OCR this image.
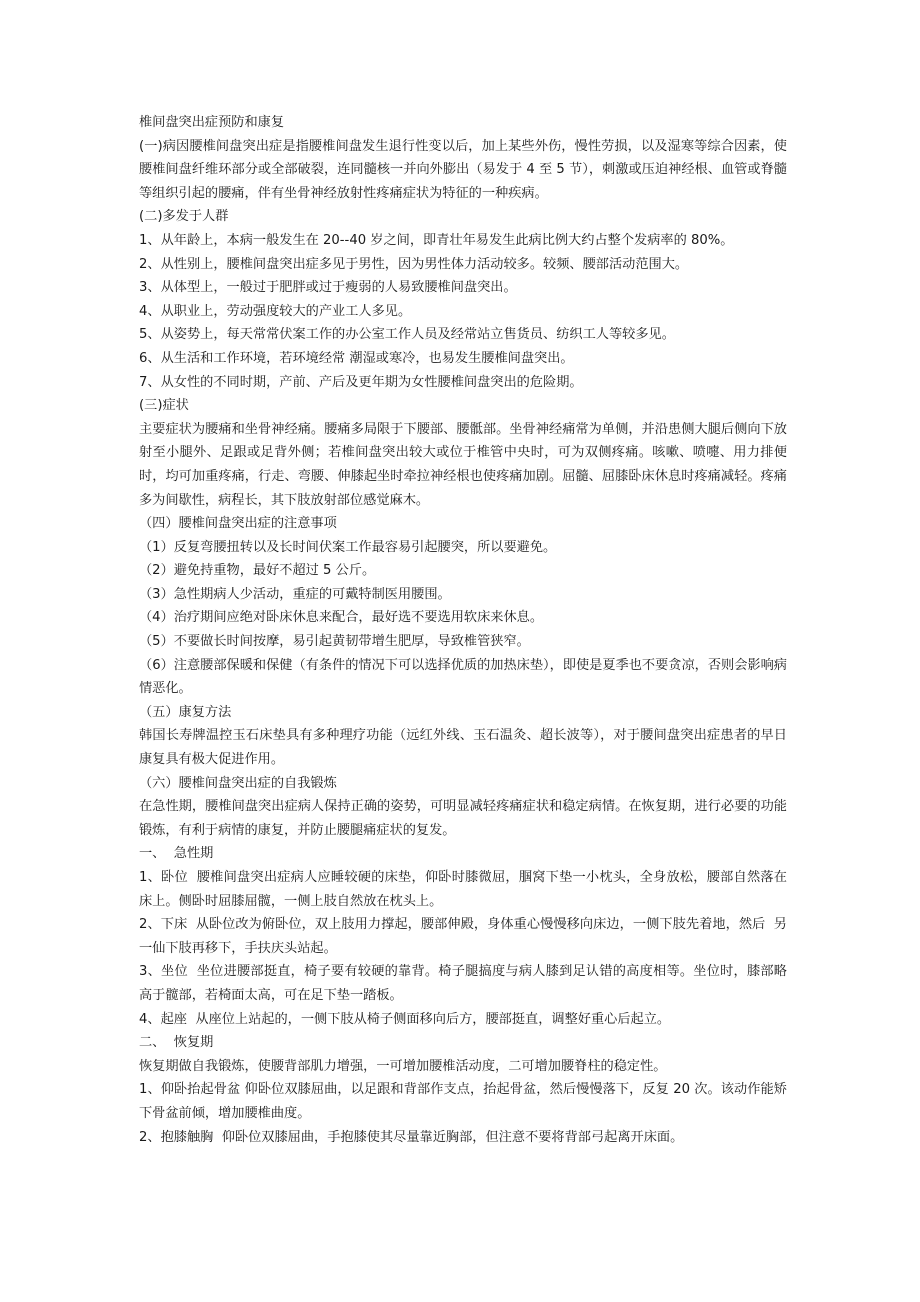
椎间盘突出症预防和康复

(一)病因腰椎间盘突出症是指腰椎间盘发生退行性变以后，加上某些外伤，慢性劳损，以及湿寒等综合因素，使腰椎间盘纤维环部分或全部破裂，连同髓核一并向外膨出（易发于 4 至 5 节），刺激或压迫神经根、血管或脊髓等组织引起的腰痛，伴有坐骨神经放射性疼痛症状为特征的一种疾病。

(二)多发于人群

1、从年龄上，本病一般发生在 20--40 岁之间，即青壮年易发生此病比例大约占整个发病率的 80%。

2、从性别上，腰椎间盘突出症多见于男性，因为男性体力活动较多。较频、腰部活动范围大。

3、从体型上，一般过于肥胖或过于瘦弱的人易致腰椎间盘突出。

4、从职业上，劳动强度较大的产业工人多见。

5、从姿势上，每天常常伏案工作的办公室工作人员及经常站立售货员、纺织工人等较多见。

6、从生活和工作环境，若环境经常 潮湿或寒冷，也易发生腰椎间盘突出。

7、从女性的不同时期，产前、产后及更年期为女性腰椎间盘突出的危险期。

(三)症状

主要症状为腰痛和坐骨神经痛。腰痛多局限于下腰部、腰骶部。坐骨神经痛常为单侧，并沿患侧大腿后侧向下放射至小腿外、足跟或足背外侧；若椎间盘突出较大或位于椎管中央时，可为双侧疼痛。咳嗽、喷嚏、用力排便时，均可加重疼痛，行走、弯腰、伸膝起坐时牵拉神经根也使疼痛加剧。屈髓、屈膝卧床休息时疼痛减轻。疼痛多为间歇性，病程长，其下肢放射部位感觉麻木。

（四）腰椎间盘突出症的注意事项

（1）反复弯腰扭转以及长时间伏案工作最容易引起腰突，所以要避免。

（2）避免持重物，最好不超过 5 公斤。

（3）急性期病人少活动，重症的可戴特制医用腰围。

（4）治疗期间应绝对卧床休息来配合，最好选不要选用软床来休息。

（5）不要做长时间按摩，易引起黄韧带增生肥厚，导致椎管狭窄。

（6）注意腰部保暖和保健（有条件的情况下可以选择优质的加热床垫），即使是夏季也不要贪凉，否则会影响病情恶化。

（五）康复方法

韩国长寿牌温控玉石床垫具有多种理疗功能（远红外线、玉石温灸、超长波等），对于腰间盘突出症患者的早日康复具有极大促进作用。

（六）腰椎间盘突出症的自我锻炼

在急性期，腰椎间盘突出症病人保持正确的姿势，可明显减轻疼痛症状和稳定病情。在恢复期，进行必要的功能锻炼，有利于病情的康复，并防止腰腿痛症状的复发。

一、  急性期

1、卧位  腰椎间盘突出症病人应睡较硬的床垫，仰卧时膝微屈，腘窝下垫一小枕头，全身放松，腰部自然落在床上。侧卧时屈膝屈髋，一侧上肢自然放在枕头上。

2、下床  从卧位改为俯卧位，双上肢用力撑起，腰部伸殿，身体重心慢慢移向床边，一侧下肢先着地，然后  另一仙下肢再移下，手扶庆头站起。

3、坐位  坐位进腰部挺直，椅子要有较硬的靠背。椅子腿搞度与病人膝到足认错的高度相等。坐位时，膝部略高于髋部，若椅面太高，可在足下垫一踏板。

4、起座  从座位上站起的，一侧下肢从椅子侧面移向后方，腰部挺直，调整好重心后起立。

二、  恢复期

恢复期做自我锻炼，使腰背部肌力增强，一可增加腰椎活动度，二可增加腰脊柱的稳定性。

1、仰卧抬起骨盆 仰卧位双膝屈曲，以足跟和背部作支点，抬起骨盆，然后慢慢落下，反复 20 次。该动作能矫下骨盆前倾，增加腰椎曲度。

2、抱膝触胸  仰卧位双膝屈曲，手抱膝使其尽量靠近胸部，但注意不要将背部弓起离开床面。
